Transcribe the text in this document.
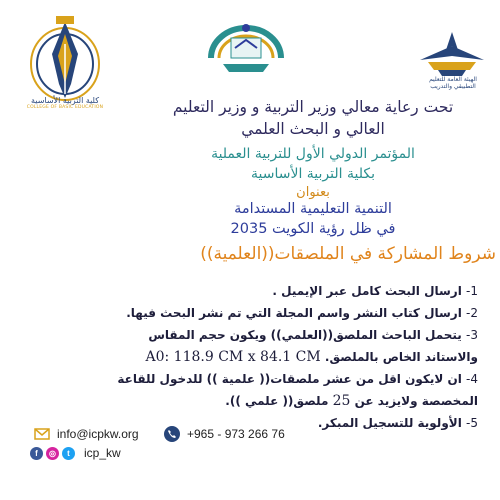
كلية التربية الأساسية
COLLEGE OF BASIC EDUCATION
الهيئة العامة للتعليم التطبيقي والتدريب
تحت رعاية معالي وزير التربية و وزير التعليم
العالي و البحث العلمي
المؤتمر الدولي الأول للتربية العملية
بكلية التربية الأساسية
بعنوان
التنمية التعليمية المستدامة
في ظل رؤية الكويت 2035
شروط المشاركة في الملصقات((العلمية))
1- ارسال البحث كامل عبر الإيميل .
2- ارسال كتاب النشر واسم المجلة التي تم نشر البحث فيها.
3- يتحمل الباحث الملصق((العلمي)) ويكون حجم المقاس
والاستاند الخاص بالملصق. A0: 118.9 CM x 84.1 CM
4- ان لايكون اقل من عشر ملصقات(( علمية )) للدخول للقاعة
المخصصة ولايزيد عن 25 ملصق(( علمي )).
5- الأولوية للتسجيل المبكر.
info@icpkw.org	+965 - 973 266 76
f	◎	t	icp_kw
